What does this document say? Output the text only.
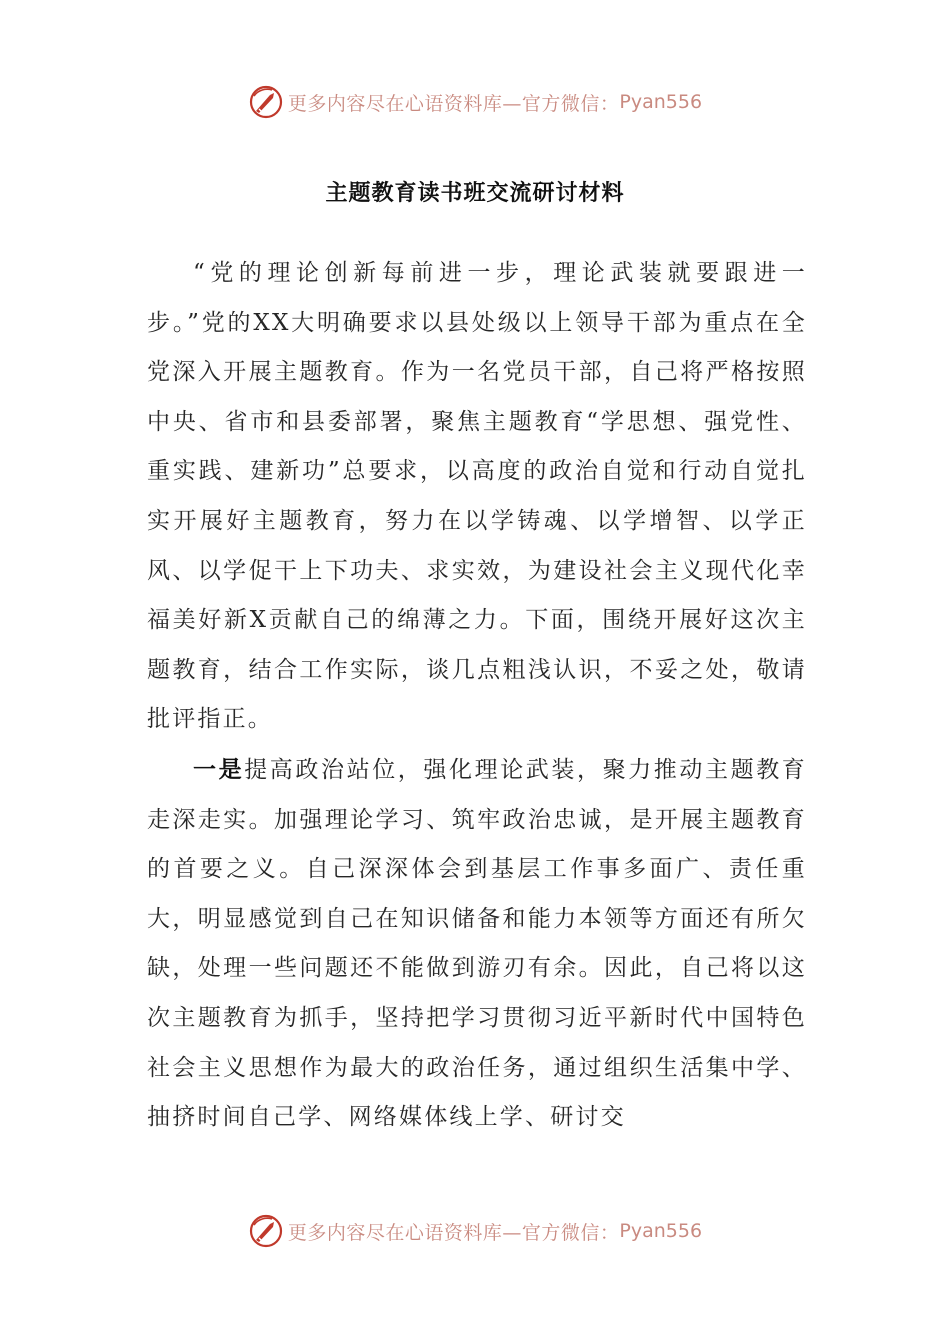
更多内容尽在心语资料库—官方微信： Pyan556
主题教育读书班交流研讨材料

“党的理论创新每前进一步，理论武装就要跟进一步。”党的XX大明确要求以县处级以上领导干部为重点在全党深入开展主题教育。作为一名党员干部，自己将严格按照中央、省市和县委部署，聚焦主题教育“学思想、强党性、重实践、建新功”总要求，以高度的政治自觉和行动自觉扎实开展好主题教育，努力在以学铸魂、以学增智、以学正风、以学促干上下功夫、求实效，为建设社会主义现代化幸福美好新X贡献自己的绵薄之力。下面，围绕开展好这次主题教育，结合工作实际，谈几点粗浅认识，不妥之处，敬请批评指正。

一是提高政治站位，强化理论武装，聚力推动主题教育走深走实。加强理论学习、筑牢政治忠诚，是开展主题教育的首要之义。自己深深体会到基层工作事多面广、责任重大，明显感觉到自己在知识储备和能力本领等方面还有所欠缺，处理一些问题还不能做到游刃有余。因此，自己将以这次主题教育为抓手，坚持把学习贯彻习近平新时代中国特色社会主义思想作为最大的政治任务，通过组织生活集中学、抽挤时间自己学、网络媒体线上学、研讨交

更多内容尽在心语资料库—官方微信： Pyan556
